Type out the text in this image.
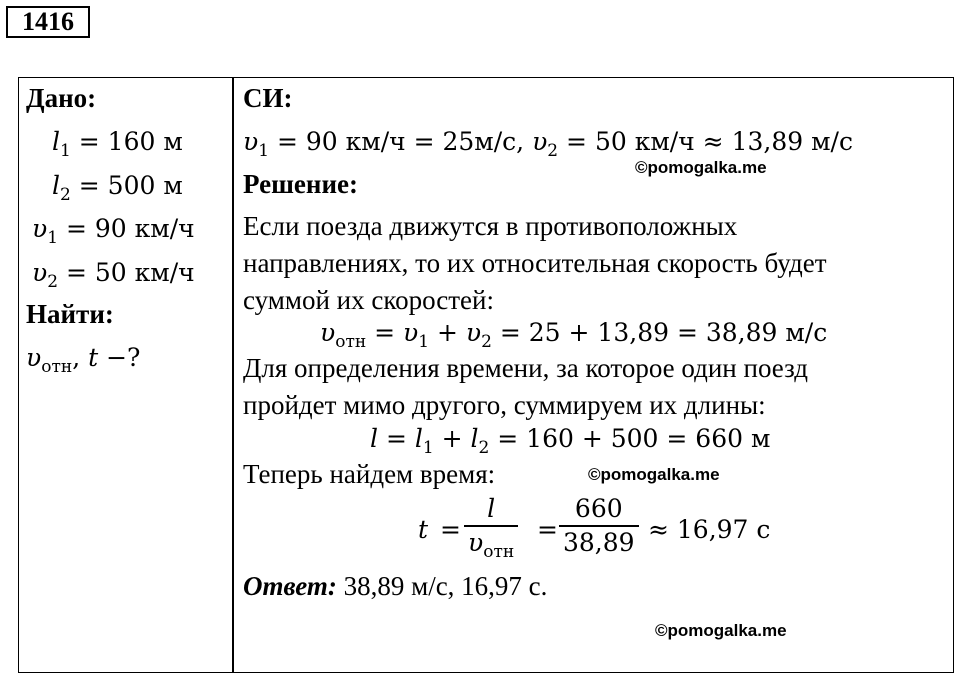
1416
Дано:
$l_1 = 160$ м
$l_2 = 500$ м
$\upsilon_1 = 90$ км/ч
$\upsilon_2 = 50$ км/ч
Найти:
$\upsilon_{отн}$, t −?
СИ:
$\upsilon_1 = 90$ км/ч = 25м/с, $\upsilon_2 = 50$ км/ч ≈ 13,89 м/с
©pomogalka.me
Решение:
Если поезда движутся в противоположных
направлениях, то их относительная скорость будет
суммой их скоростей:
$\upsilon_{отн} = \upsilon_1 + \upsilon_2 = 25 + 13,89 = 38,89$ м/с
Для определения времени, за которое один поезд
пройдет мимо другого, суммируем их длины:
$l = l_1 + l_2 = 160 + 500 = 660$ м
Теперь найдем время:	©pomogalka.me
t =
l
$\upsilon_{отн}$
=
660
38,89 ≈ 16,97 с
Ответ: 38,89 м/с, 16,97 с.
©pomogalka.me
